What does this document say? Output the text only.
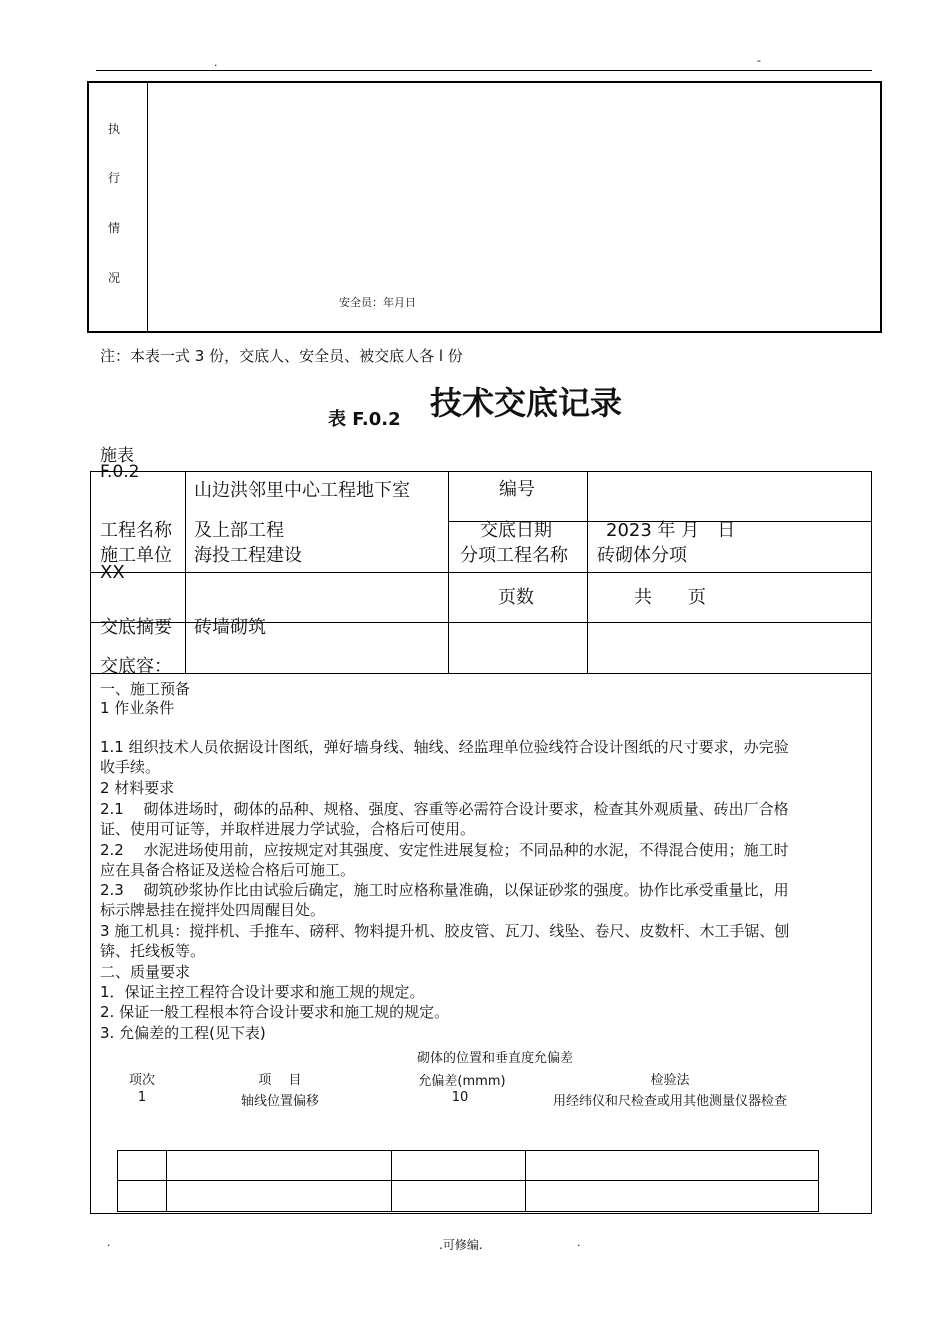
.	-
执
行
情
况
安全员：年月日
注：本表一式 3 份，交底人、安全员、被交底人各 l 份
表 F.0.2 技术交底记录
施表
F.0.2
山边洪邻里中心工程地下室	编号
工程名称 及上部工程	交底日期	2023 年 月　日
施工单位 海投工程建设	分项工程名称 砖砌体分项
XX
页数	共　　页
交底摘要 砖墙砌筑
交底容：
一、施工预备
1 作业条件
1.1 组织技术人员依据设计图纸，弹好墙身线、轴线、经监理单位验线符合设计图纸的尺寸要求，办完验
收手续。
2 材料要求
2.1　 砌体进场时，砌体的品种、规格、强度、容重等必需符合设计要求，检查其外观质量、砖出厂合格
证、使用可证等，并取样进展力学试验，合格后可使用。
2.2　 水泥进场使用前，应按规定对其强度、安定性进展复检；不同品种的水泥，不得混合使用；施工时
应在具备合格证及送检合格后可施工。
2.3　 砌筑砂浆协作比由试验后确定，施工时应格称量准确，以保证砂浆的强度。协作比承受重量比，用
标示牌悬挂在搅拌处四周醒目处。
3 施工机具：搅拌机、手推车、磅秤、物料提升机、胶皮管、瓦刀、线坠、卷尺、皮数杆、木工手锯、刨
锛、托线板等。
二、质量要求
1．保证主控工程符合设计要求和施工规的规定。
2. 保证一般工程根本符合设计要求和施工规的规定。
3. 允偏差的工程(见下表)
砌体的位置和垂直度允偏差
项次	项　 目	允偏差(mmm)	检验法
1	轴线位置偏移	10	用经纬仪和尺检查或用其他测量仪器检查
.	.可修编.	.
